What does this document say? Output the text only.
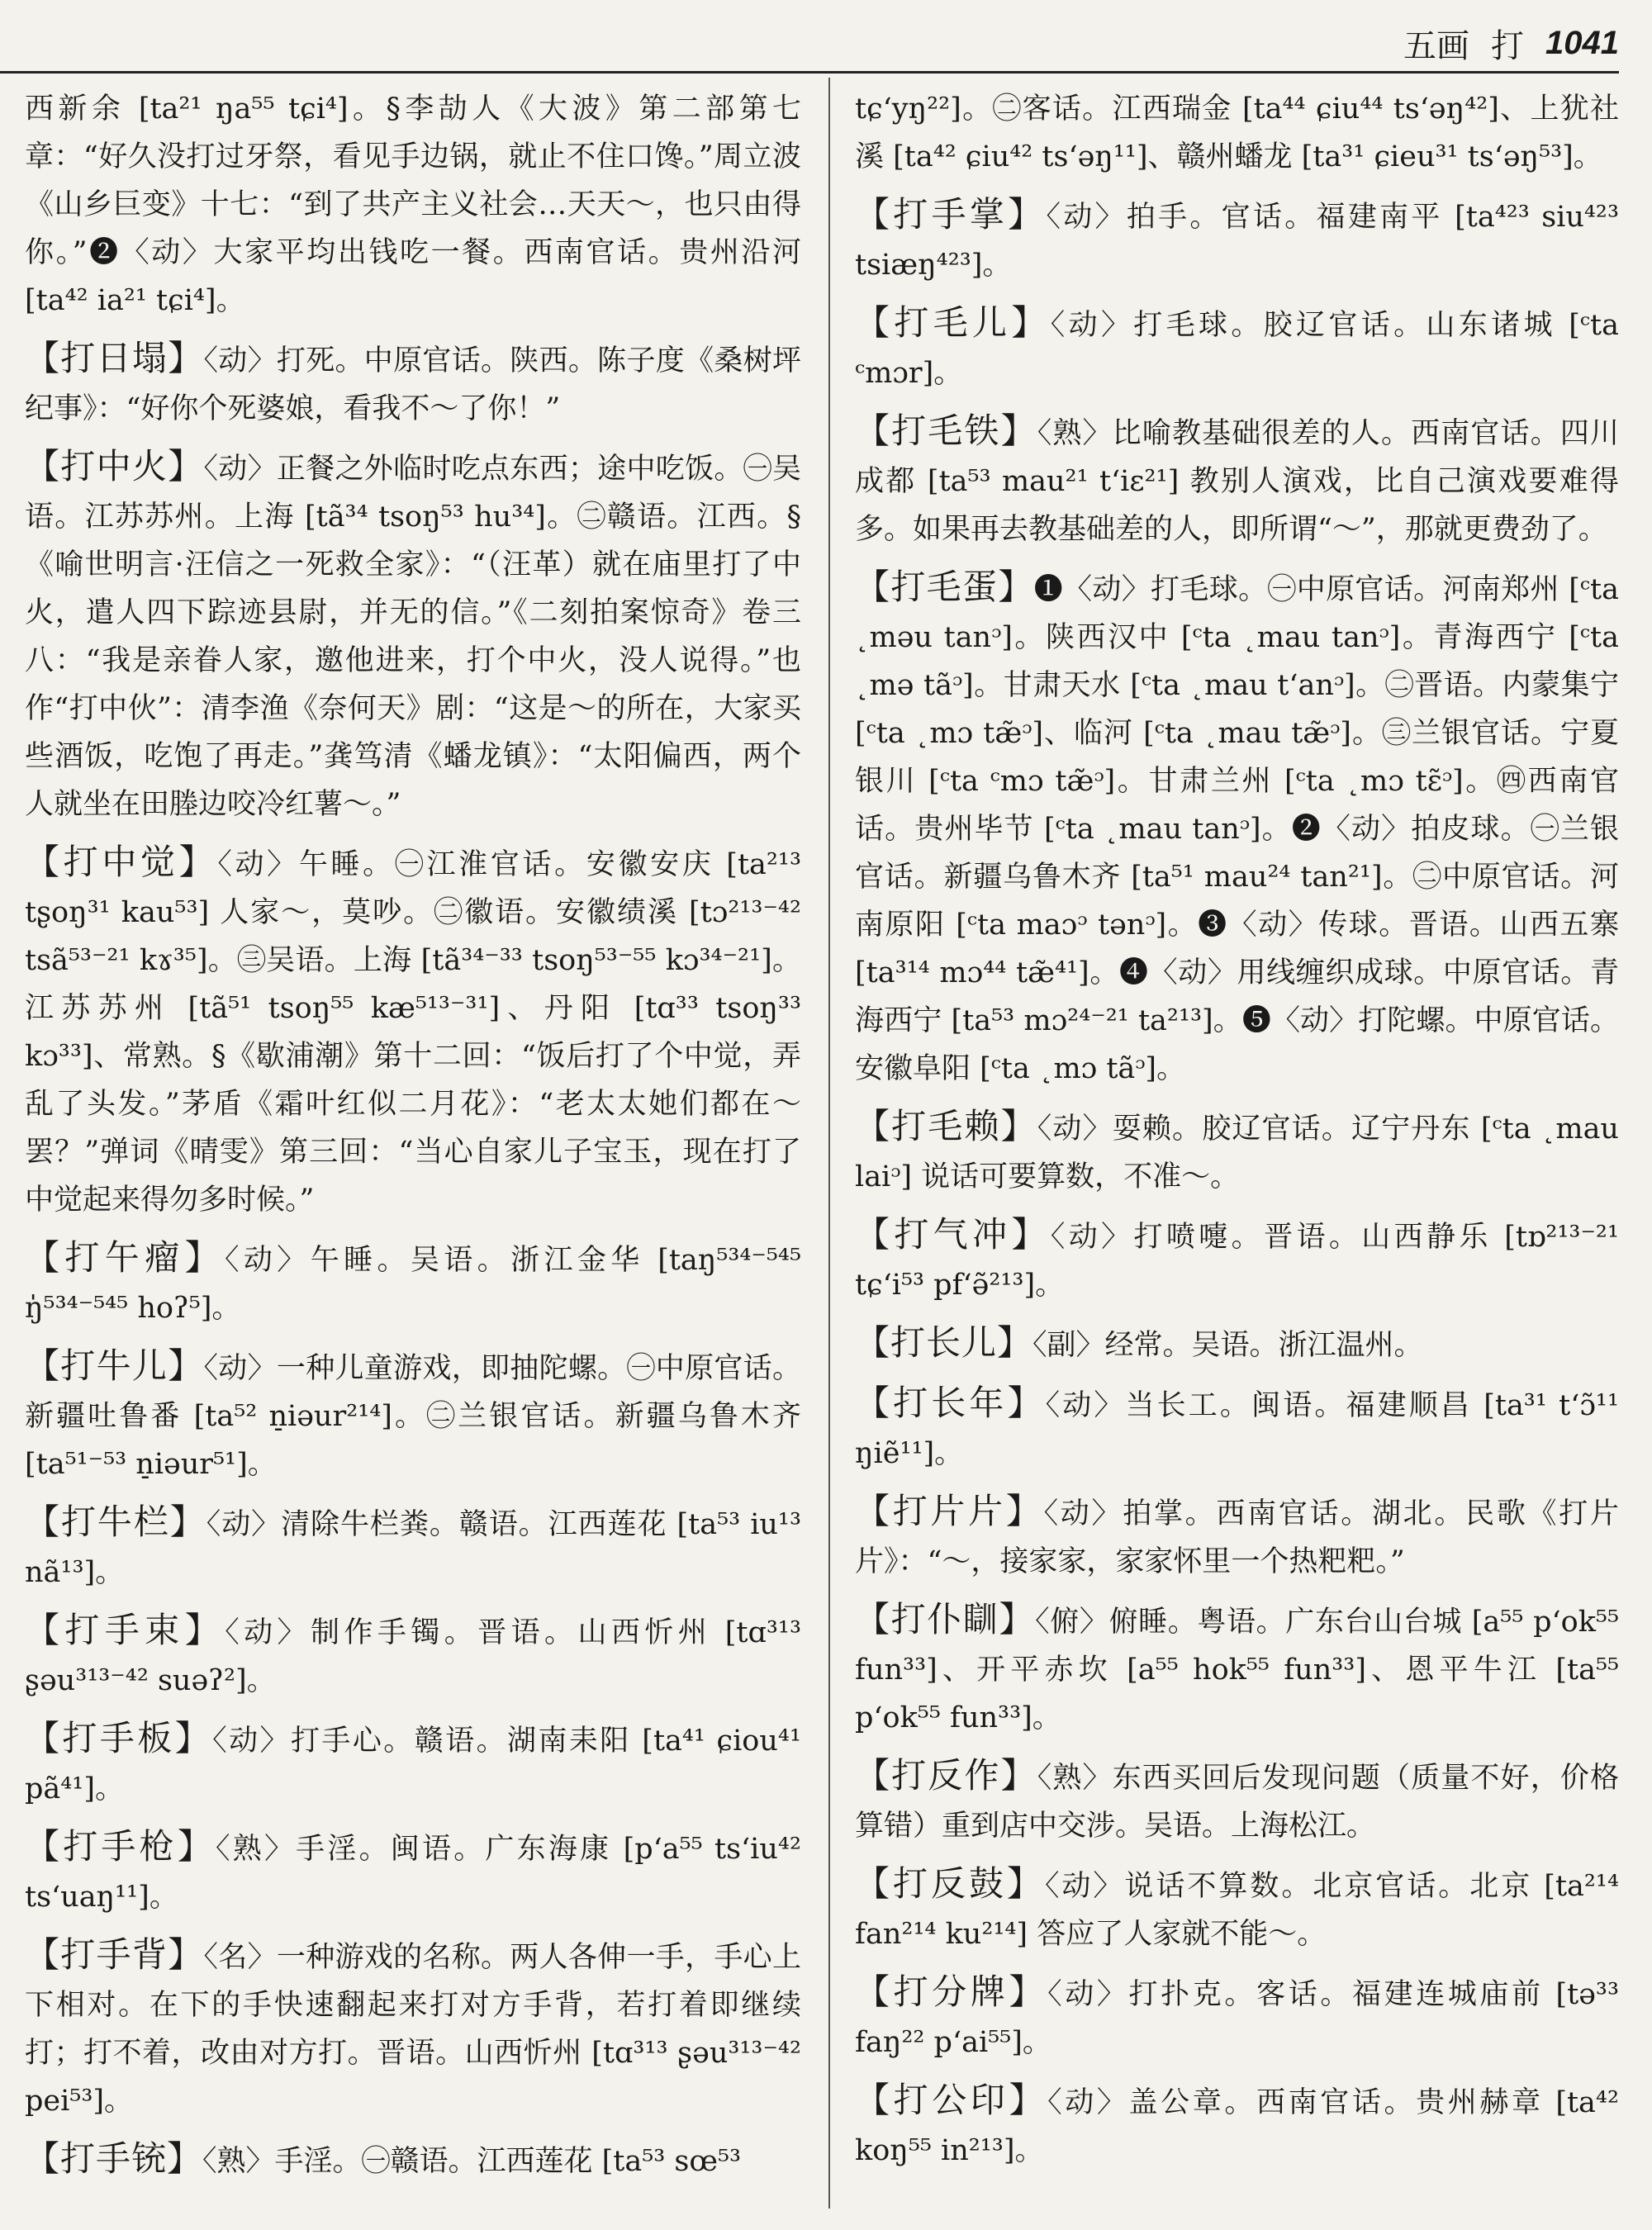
五画 打 1041

西新余 [ta²¹ ŋa⁵⁵ tɕi⁴]。§李劼人《大波》第二部第七章：“好久没打过牙祭，看见手边锅，就止不住口馋。”周立波《山乡巨变》十七：“到了共产主义社会…天天～，也只由得你。”❷〈动〉大家平均出钱吃一餐。西南官话。贵州沿河 [ta⁴² ia²¹ tɕi⁴]。

【打日塌】〈动〉打死。中原官话。陕西。陈子度《桑树坪纪事》：“好你个死婆娘，看我不～了你！”

【打中火】〈动〉正餐之外临时吃点东西；途中吃饭。㊀吴语。江苏苏州。上海 [tã³⁴ tsoŋ⁵³ hu³⁴]。㊁赣语。江西。§《喻世明言·汪信之一死救全家》：“（汪革）就在庙里打了中火，遣人四下踪迹县尉，并无的信。”《二刻拍案惊奇》卷三八：“我是亲眷人家，邀他进来，打个中火，没人说得。”也作“打中伙”：清李渔《奈何天》剧：“这是～的所在，大家买些酒饭，吃饱了再走。”龚笃清《蟠龙镇》：“太阳偏西，两个人就坐在田塍边咬冷红薯～。”

【打中觉】〈动〉午睡。㊀江淮官话。安徽安庆 [ta²¹³ tʂoŋ³¹ kau⁵³] 人家～，莫吵。㊁徽语。安徽绩溪 [tɔ²¹³⁻⁴² tsã⁵³⁻²¹ kɤ³⁵]。㊂吴语。上海 [tã³⁴⁻³³ tsoŋ⁵³⁻⁵⁵ kɔ³⁴⁻²¹]。江苏苏州 [tã⁵¹ tsoŋ⁵⁵ kæ⁵¹³⁻³¹]、丹阳 [tɑ³³ tsoŋ³³ kɔ³³]、常熟。§《歇浦潮》第十二回：“饭后打了个中觉，弄乱了头发。”茅盾《霜叶红似二月花》：“老太太她们都在～罢？”弹词《晴雯》第三回：“当心自家儿子宝玉，现在打了中觉起来得勿多时候。”

【打午瘤】〈动〉午睡。吴语。浙江金华 [taŋ⁵³⁴⁻⁵⁴⁵ ŋ̍⁵³⁴⁻⁵⁴⁵ hoʔ⁵]。

【打牛儿】〈动〉一种儿童游戏，即抽陀螺。㊀中原官话。新疆吐鲁番 [ta⁵² n̠iəur²¹⁴]。㊁兰银官话。新疆乌鲁木齐 [ta⁵¹⁻⁵³ n̠iəur⁵¹]。

【打牛栏】〈动〉清除牛栏粪。赣语。江西莲花 [ta⁵³ iu¹³ nã¹³]。

【打手束】〈动〉制作手镯。晋语。山西忻州 [tɑ³¹³ ʂəu³¹³⁻⁴² suəʔ²]。

【打手板】〈动〉打手心。赣语。湖南耒阳 [ta⁴¹ ɕiou⁴¹ pã⁴¹]。

【打手枪】〈熟〉手淫。闽语。广东海康 [p‘a⁵⁵ ts‘iu⁴² ts‘uaŋ¹¹]。

【打手背】〈名〉一种游戏的名称。两人各伸一手，手心上下相对。在下的手快速翻起来打对方手背，若打着即继续打；打不着，改由对方打。晋语。山西忻州 [tɑ³¹³ ʂəu³¹³⁻⁴² pei⁵³]。

【打手铳】〈熟〉手淫。㊀赣语。江西莲花 [ta⁵³ sœ⁵³

tɕ‘yŋ²²]。㊁客话。江西瑞金 [ta⁴⁴ ɕiu⁴⁴ ts‘əŋ⁴²]、上犹社溪 [ta⁴² ɕiu⁴² ts‘əŋ¹¹]、赣州蟠龙 [ta³¹ ɕieu³¹ ts‘əŋ⁵³]。

【打手掌】〈动〉拍手。官话。福建南平 [ta⁴²³ siu⁴²³ tsiæŋ⁴²³]。

【打毛儿】〈动〉打毛球。胶辽官话。山东诸城 [ᶜta ᶜmɔr]。

【打毛铁】〈熟〉比喻教基础很差的人。西南官话。四川成都 [ta⁵³ mau²¹ t‘iɛ²¹] 教别人演戏，比自己演戏要难得多。如果再去教基础差的人，即所谓“～”，那就更费劲了。

【打毛蛋】❶〈动〉打毛球。㊀中原官话。河南郑州 [ᶜta ˛məu tanᵓ]。陕西汉中 [ᶜta ˛mau tanᵓ]。青海西宁 [ᶜta ˛mə tãᵓ]。甘肃天水 [ᶜta ˛mau t‘anᵓ]。㊁晋语。内蒙集宁 [ᶜta ˛mɔ tæ̃ᵓ]、临河 [ᶜta ˛mau tæ̃ᵓ]。㊂兰银官话。宁夏银川 [ᶜta ᶜmɔ tæ̃ᵓ]。甘肃兰州 [ᶜta ˛mɔ tɛ̃ᵓ]。㊃西南官话。贵州毕节 [ᶜta ˛mau tanᵓ]。❷〈动〉拍皮球。㊀兰银官话。新疆乌鲁木齐 [ta⁵¹ mau²⁴ tan²¹]。㊁中原官话。河南原阳 [ᶜta maɔᵓ tənᵓ]。❸〈动〉传球。晋语。山西五寨 [ta³¹⁴ mɔ⁴⁴ tæ̃⁴¹]。❹〈动〉用线缠织成球。中原官话。青海西宁 [ta⁵³ mɔ²⁴⁻²¹ ta²¹³]。❺〈动〉打陀螺。中原官话。安徽阜阳 [ᶜta ˛mɔ tãᵓ]。

【打毛赖】〈动〉耍赖。胶辽官话。辽宁丹东 [ᶜta ˛mau laiᵓ] 说话可要算数，不准～。

【打气冲】〈动〉打喷嚏。晋语。山西静乐 [tɒ²¹³⁻²¹ tɕ‘i⁵³ pf‘ə̃²¹³]。

【打长儿】〈副〉经常。吴语。浙江温州。

【打长年】〈动〉当长工。闽语。福建顺昌 [ta³¹ t‘ɔ̃¹¹ ŋiẽ¹¹]。

【打片片】〈动〉拍掌。西南官话。湖北。民歌《打片片》：“～，接家家，家家怀里一个热粑粑。”

【打仆瞓】〈俯〉俯睡。粤语。广东台山台城 [a⁵⁵ p‘ok⁵⁵ fun³³]、开平赤坎 [a⁵⁵ hok⁵⁵ fun³³]、恩平牛江 [ta⁵⁵ p‘ok⁵⁵ fun³³]。

【打反作】〈熟〉东西买回后发现问题（质量不好，价格算错）重到店中交涉。吴语。上海松江。

【打反鼓】〈动〉说话不算数。北京官话。北京 [ta²¹⁴ fan²¹⁴ ku²¹⁴] 答应了人家就不能～。

【打分牌】〈动〉打扑克。客话。福建连城庙前 [tə³³ faŋ²² p‘ai⁵⁵]。

【打公印】〈动〉盖公章。西南官话。贵州赫章 [ta⁴² koŋ⁵⁵ in²¹³]。
